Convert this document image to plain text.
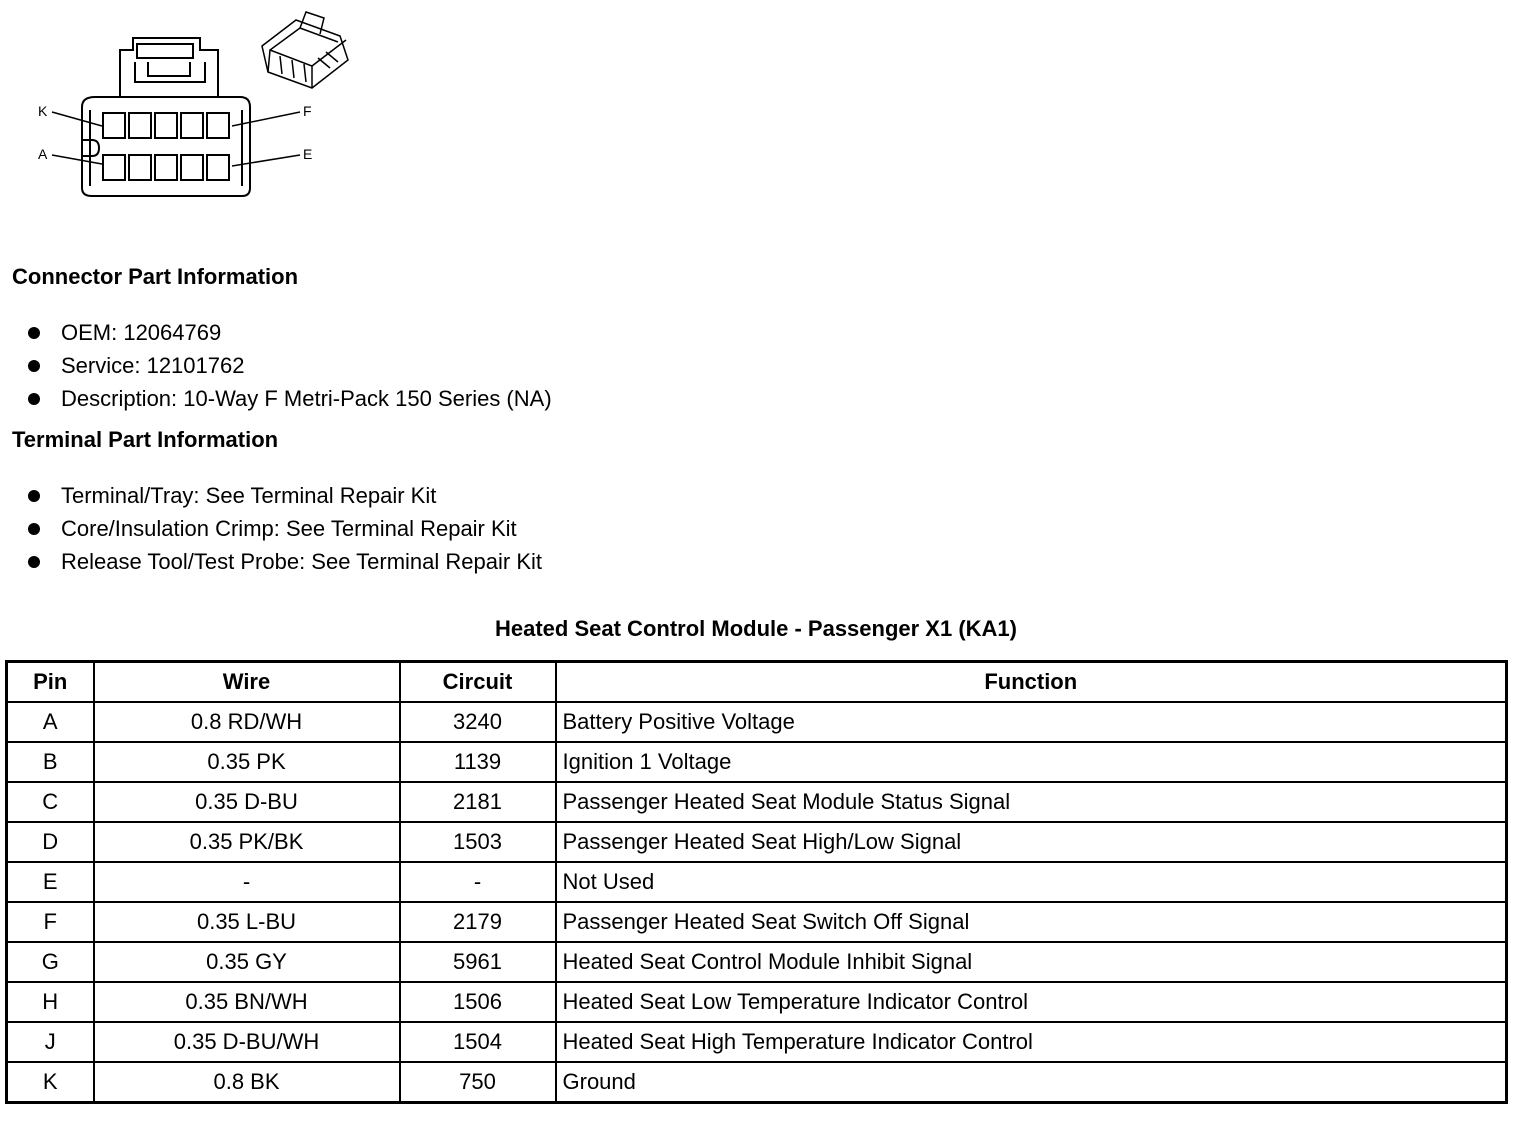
K
A
F
E
Connector Part Information
OEM: 12064769
Service: 12101762
Description: 10-Way F Metri-Pack 150 Series (NA)
Terminal Part Information
Terminal/Tray: See Terminal Repair Kit
Core/Insulation Crimp: See Terminal Repair Kit
Release Tool/Test Probe: See Terminal Repair Kit
Heated Seat Control Module - Passenger X1 (KA1)
Pin	Wire	Circuit	Function
A	0.8 RD/WH	3240	Battery Positive Voltage
B	0.35 PK	1139	Ignition 1 Voltage
C	0.35 D-BU	2181	Passenger Heated Seat Module Status Signal
D	0.35 PK/BK	1503	Passenger Heated Seat High/Low Signal
E	-	-	Not Used
F	0.35 L-BU	2179	Passenger Heated Seat Switch Off Signal
G	0.35 GY	5961	Heated Seat Control Module Inhibit Signal
H	0.35 BN/WH	1506	Heated Seat Low Temperature Indicator Control
J	0.35 D-BU/WH	1504	Heated Seat High Temperature Indicator Control
K	0.8 BK	750	Ground
